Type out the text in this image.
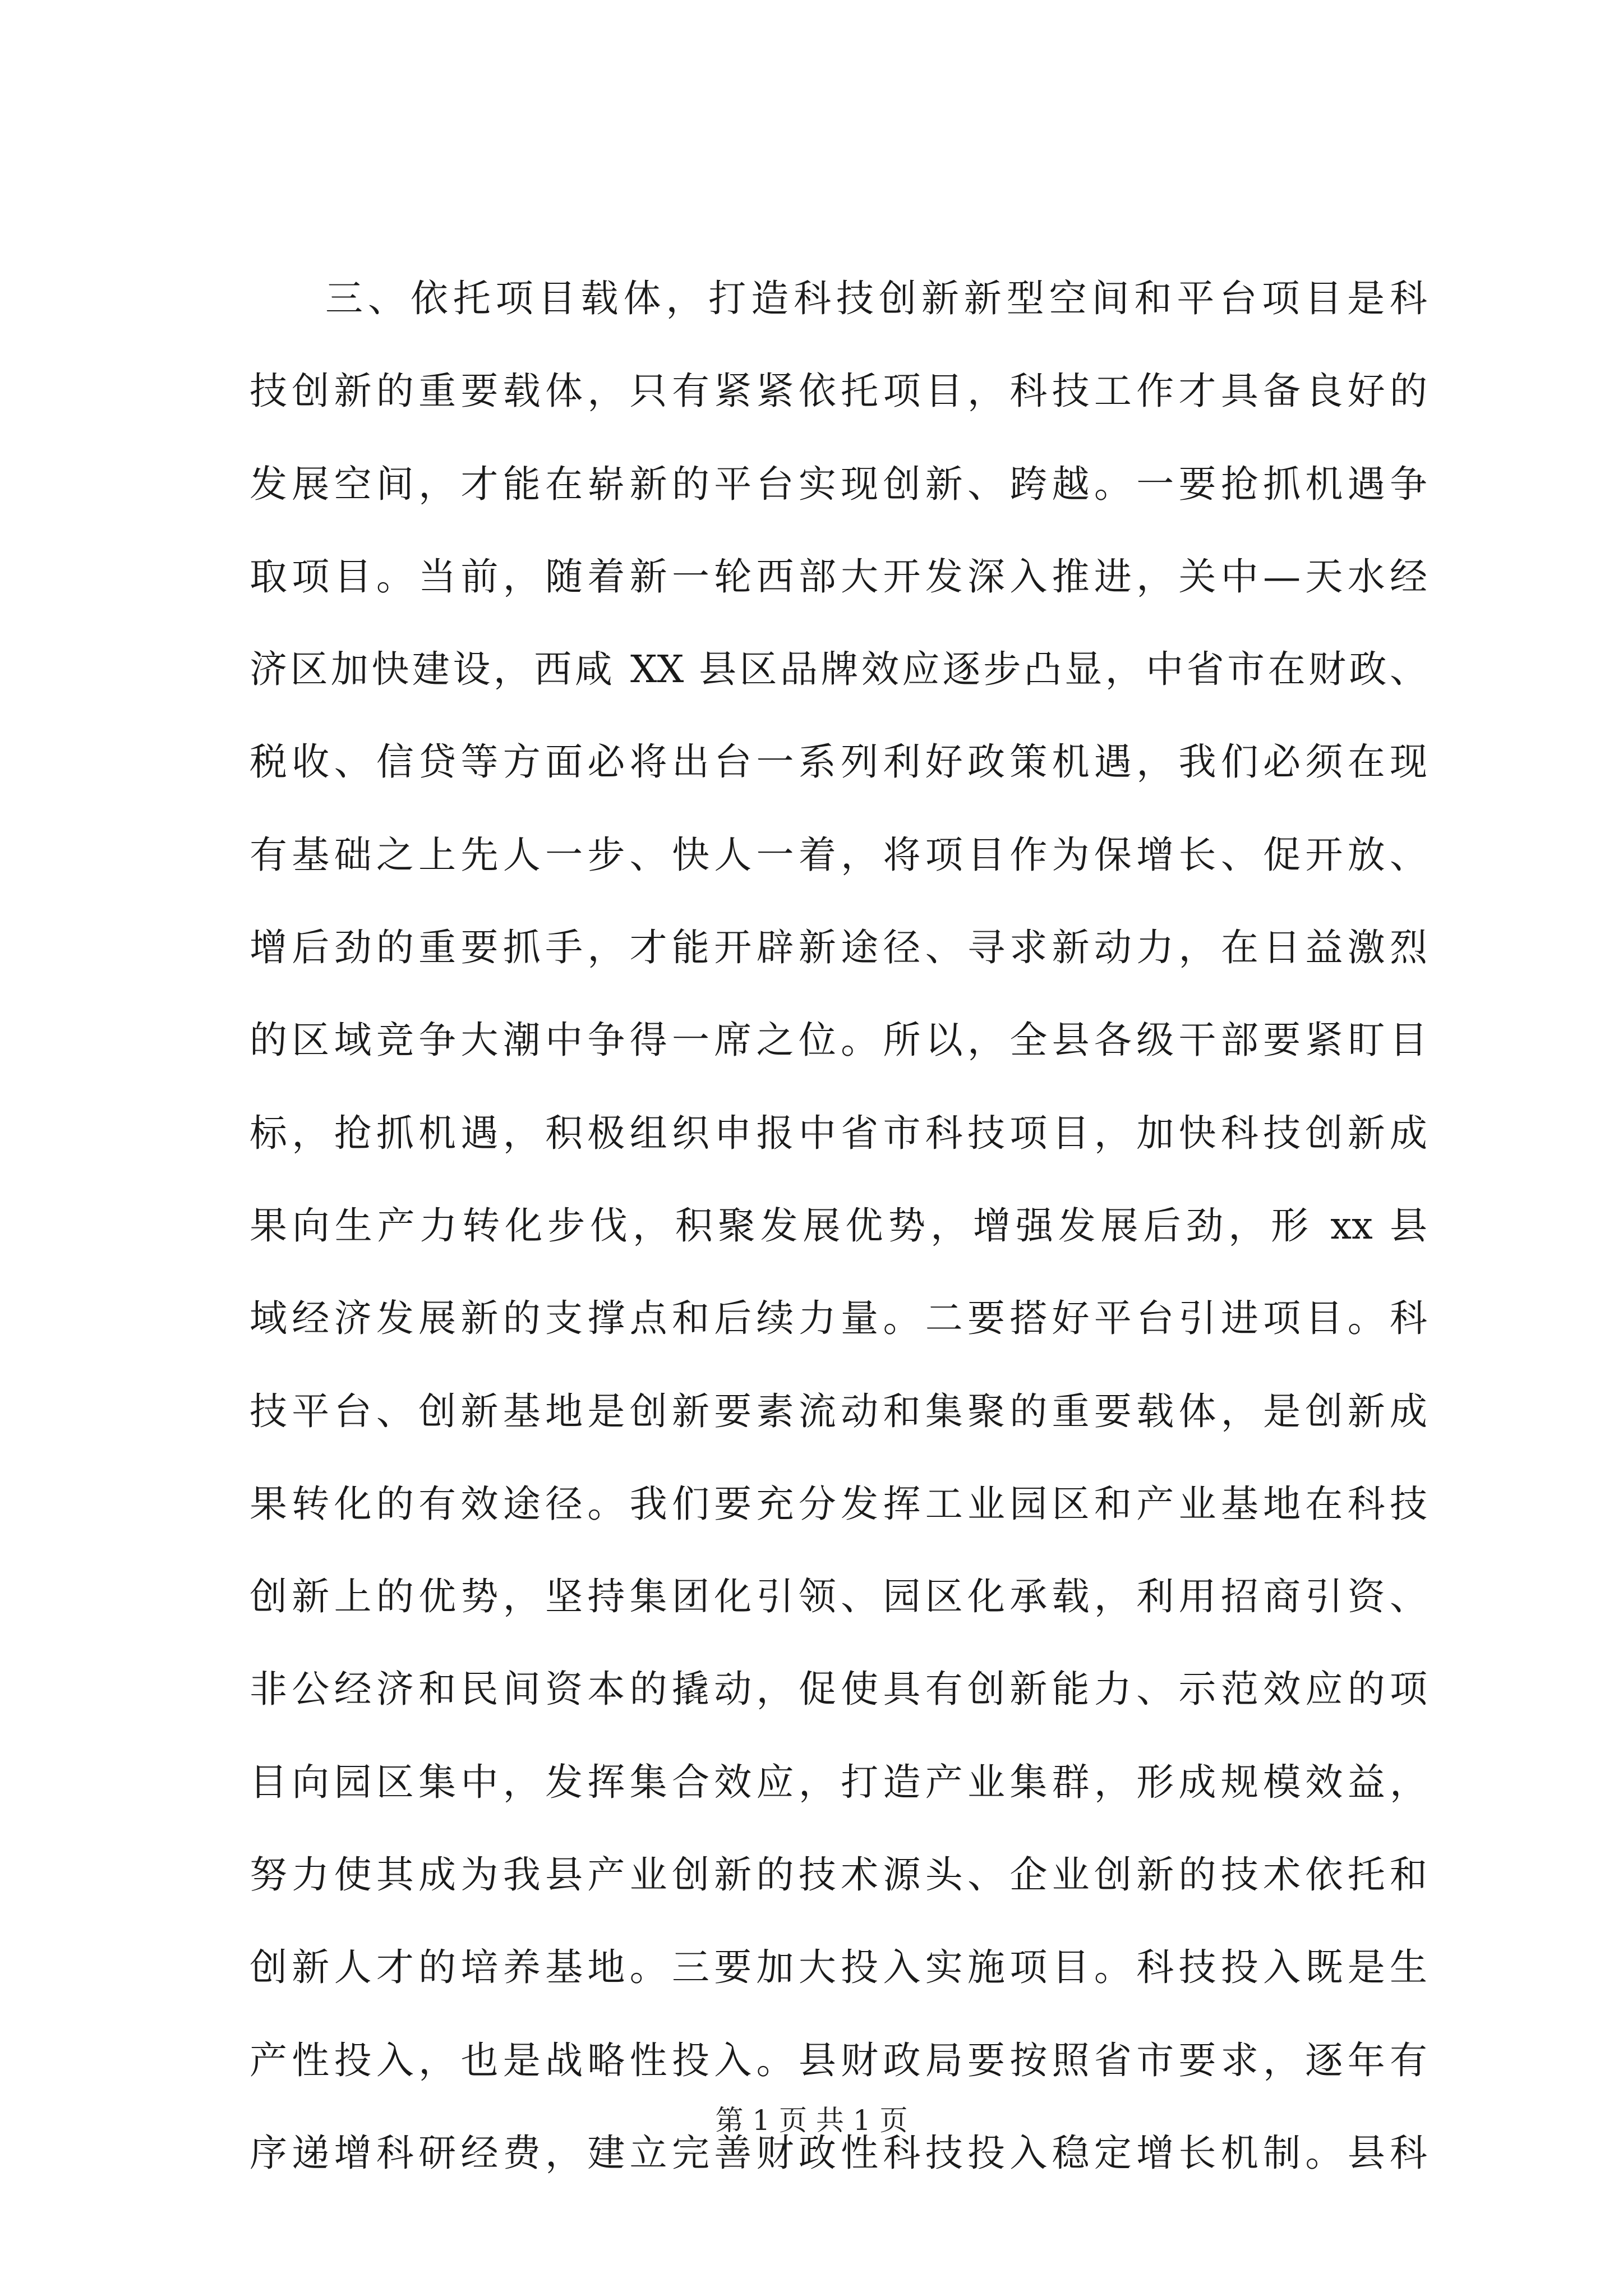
三、依托项目载体，打造科技创新新型空间和平台项目是科
技创新的重要载体，只有紧紧依托项目，科技工作才具备良好的
发展空间，才能在崭新的平台实现创新、跨越。一要抢抓机遇争
取项目。当前，随着新一轮西部大开发深入推进，关中—天水经
济区加快建设，西咸 XX 县区品牌效应逐步凸显，中省市在财政、
税收、信贷等方面必将出台一系列利好政策机遇，我们必须在现
有基础之上先人一步、快人一着，将项目作为保增长、促开放、
增后劲的重要抓手，才能开辟新途径、寻求新动力，在日益激烈
的区域竞争大潮中争得一席之位。所以，全县各级干部要紧盯目
标，抢抓机遇，积极组织申报中省市科技项目，加快科技创新成
果向生产力转化步伐，积聚发展优势，增强发展后劲，形 xx 县
域经济发展新的支撑点和后续力量。二要搭好平台引进项目。科
技平台、创新基地是创新要素流动和集聚的重要载体，是创新成
果转化的有效途径。我们要充分发挥工业园区和产业基地在科技
创新上的优势，坚持集团化引领、园区化承载，利用招商引资、
非公经济和民间资本的撬动，促使具有创新能力、示范效应的项
目向园区集中，发挥集合效应，打造产业集群，形成规模效益，
努力使其成为我县产业创新的技术源头、企业创新的技术依托和
创新人才的培养基地。三要加大投入实施项目。科技投入既是生
产性投入，也是战略性投入。县财政局要按照省市要求，逐年有
序递增科研经费，建立完善财政性科技投入稳定增长机制。县科
第 1 页 共 1 页
